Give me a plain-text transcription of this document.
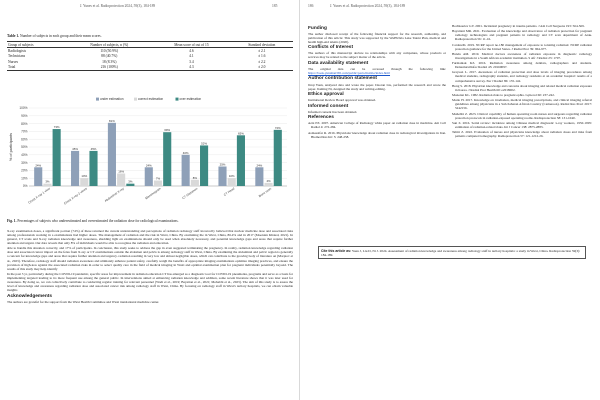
J. Yunes et al. Radioprotection 2024, 59(3), 184-189	185
Table 1. Number of subjects in each group and their mean scores.
Group of subjects	Number of subjects, n (%)	Mean score of out of 15	Standard deviation
Radiologists	110 (50.9%)	4.6	± 2.1
Technicians	88 (40.7%)	4.1	± 1.6
Nurses	18 (8.3%)	3.4	± 2.2
Total	216 (100%)	4.3	± 2.0
0%
10%
20%
30%
40%
50%
60%
70%
80%
90%
100%
% of participants
under estimation	correct estimation	over estimation
24%
3%
73%
Chest X-ray 1 view
45%
10%
45%
Chest X-ray 2 views
81%
16%
3%
Abdominal X-ray
24%
7%
69%
Mammogram
40%
8%
52%
CT Abdomen
25%
10%
65%
CT Head
24%
4%
72%
Bone scan
Fig. 1. Percentages of subjects who underestimated and overestimated the radiation dose for radiological examinations.

X-ray examination doses, a significant portion (74%) of these returned the current understanding and perceptions of radiation radiology staff incorrectly believed that nuclear medicine dose and associated risks among professionals working in a examinations had higher doses. The management of radiation and the risk in Wuxi, China. By examining the in Wuxi, China, 86.4% and in 2017 (Moonian Khaled, 2021). In general, CT scans and X-ray radiation knowledge and awareness, shedding light on examinations should only be used when absolutely necessary, and potential knowledge gaps and areas that require further attention and urgent. Our data reveals that only 8% of individuals would be able to recognise the radiation and education.

able to handle this situation correctly, and 17% of participants. In conclusion, this study seeks to address the gap in even suggested terminating the pregnancy. In reality, radiation knowledge regarding radiation dose and associated cancer impact on the fetus from X-ray or CT examinations outside the abdomen and pelvis is among radiology staff in Wuxi, China. By examining the abdominal and pelvic region is generally a concern for knowledge gaps and areas that require further attention and urgency. radiation resulting in very low and almost negligible doses, which can contribute to the growing body of literature on (Marptov et al., 2023). Therefore, radiology staff should radiation awareness and ultimately enhance patient safety, carefully weigh the benefits of appropriate imaging examinations optimize imaging practices, and ensure the provision of high-loss against the associated radiation risks in order to select quality care in the field of medical imaging in Wuxi and optimal examination plan for pregnant individuals potentially beyond. The results of this study may help identify

In the past 3 yr, particularly during the COVID-19 pandemic, specific areas for improvement in radiation education CT has emerged as a diagnostic tool for COVID-19 pneumonia, programs and serve as a basis for implementing targeted leading to its more frequent use among the general public. In interventions aimed at enhancing radiation knowledge and addition, some recent literature shows that it was later used for awareness. By doing so, we can collectively contribute to conducting regular training for relevant personnel (Wadi et al., 2019; Bayatian et al., 2021; Mohebbi et al., 2023). The aim of this study is to assess the level of knowledge and awareness regarding radiation dose and associated cancer risk among radiology staff in Wuxi, China. By focusing on radiology staff in Wuxi's tertiary hospitals, we can obtain valuable insights

Acknowledgements

The authors are grateful for the support from the Wuxi Health Committee and Wuxi translational medicine center.

186	J. Yunes et al. Radioprotection 2024, 59(3), 184-189
Funding

The author disclosed receipt of the following financial support for the research, authorship, and publication of this article: This study was supported by the WuHUlsla Lake Talent Plan, medical and health high-end talents (2020).

Conflicts of Interest

The authors of this manuscript declare no relationships with any companies, whose products or services may be related to the subject matter of the article.

Data availability statement

The original data can be accessed through the following link: https://book.yunahan365.com/public/parts/mobile/index.html

Author contribution statement

Jinqi Yuan, analyzed data and wrote the paper. Daoran Liu, performed the research and wrote the paper. Jiaming Ni, designed the study and writing-editing.

Ethics approval

Institutional Review Board approval was obtained.

Informed consent

Informed consent has been obtained.

References

Aziz EE. 2007. American College of Radiology white paper on radiation dose in medicine. Am Coll Radiol 4: 272-284.

Asmassifar R. 2016. Physicians' knowledge about radiation dose in radiological investigations in Iran. Biomed Res Int: 5: 248-258.

Bochkoulov GV. 2001. Incidental pregnancy in trauma patients. J Am Coll Surgeons 193: 564-569.

Bayatiani MR. 2021. Evaluation of the knowledge and observance of radiation protection for pregnant radiology technologists and pregnant patients in radiology and CT scan department of Arak. Radioprotection 56: 11-16.

Cardarelli. 2019. NCRP report no.180 management of exposure to ionizing radiation: NCRP radiation protection guidance for the United States. J Radiol Prot 39: 964-977.

Handa AM. 2019. Medical doctors awareness of radiation exposure in diagnostic radiology investigations in a South African academic institution. S Afr J Radiol 23: 1707.

Furmaniak KZ. 2016. Radiation awareness among dentists, radiographers and students. Dentomaxillofac Radiol 45: 20160097.

Grayson L. 2017. Awareness of radiation protection and dose levels of imaging procedures among medical students, radiography students, and radiology residents at an academic hospital: results of a comprehensive survey. Eur J Radiol 86: 135-142.

Hong S. 2018. Physician knowledge and concerns about imaging and related medical radiation exposure in Korea. J Radiol Prot Health 60: e2018002.

Monoian KL. 1982. Radiation risks to pregnant ophta. Gynecol 60: 237-242.

Moilo H. 2017. Knowledge on irradiation, medical imaging prescriptions, and clinical imaging referral guidelines among physicians in a Sub-Saharan African Country (Cameroon). Radiol Res Pract 2017: 5242156.

Mohebbi Z. 2023. Clinical capability of human operating room nurses and surgeons regarding radiation protection protocols in radiation-exposed operating rooms. Radioprotection 58: 131-1040.

Sun Z. 2016. Serial review: incidence among Chinese medical diagnostic x-ray workers, 1950-1995: estimation of radiation-related risks. Int J Cancer 138: 2875-2883.

Tahiri Z. 2022. Evaluation of nurses and physicians knowledge about radiation doses and risks from patients computed tomography. Radioprotection 57: 121-1212-26.

Cite this article as: Yuan J, Liu D, Ni J. 2024. Assessment of radiation knowledge and awareness among radiology staff in tertiary hospitals: a study in Wuxi, China. Radioprotection 59(3): 184-189.
